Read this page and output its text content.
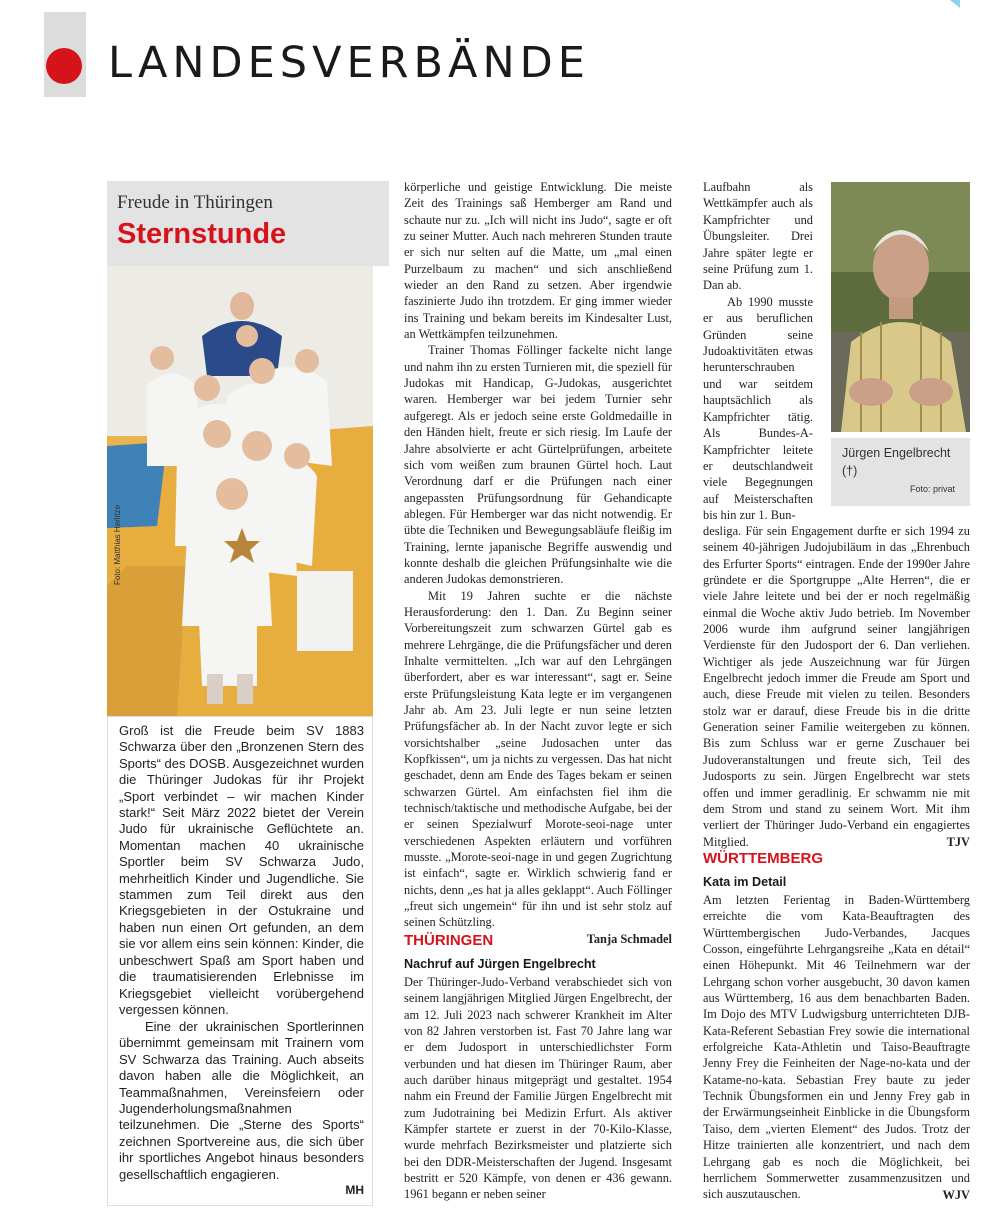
LANDESVERBÄNDE
Freude in Thüringen
Sternstunde
Foto: Matthias Herlitze

Groß ist die Freude beim SV 1883 Schwarza über den „Bronzenen Stern des Sports“ des DOSB. Ausgezeichnet wurden die Thüringer Judokas für ihr Projekt „Sport verbindet – wir machen Kinder stark!“ Seit März 2022 bietet der Verein Judo für ukrainische Geflüchtete an. Momentan machen 40 ukrainische Sportler beim SV Schwarza Judo, mehrheitlich Kinder und Jugendliche. Sie stammen zum Teil direkt aus den Kriegsgebieten in der Ostukraine und haben nun einen Ort gefunden, an dem sie vor allem eins sein können: Kinder, die unbeschwert Spaß am Sport haben und die traumatisierenden Erlebnisse im Kriegsgebiet vielleicht vorübergehend vergessen können.

Eine der ukrainischen Sportlerinnen übernimmt gemeinsam mit Trainern vom SV Schwarza das Training. Auch abseits davon haben alle die Möglichkeit, an Teammaßnahmen, Vereinsfeiern oder Jugenderholungsmaßnahmen teilzunehmen. Die „Sterne des Sports“ zeichnen Sportvereine aus, die sich über ihr sportliches Angebot hinaus besonders gesellschaftlich engagieren.

MH

körperliche und geistige Entwicklung. Die meiste Zeit des Trainings saß Hemberger am Rand und schaute nur zu. „Ich will nicht ins Judo“, sagte er oft zu seiner Mutter. Auch nach mehreren Stunden traute er sich nur selten auf die Matte, um „mal einen Purzelbaum zu machen“ und sich anschließend wieder an den Rand zu setzen. Aber irgendwie faszinierte Judo ihn trotzdem. Er ging immer wieder ins Training und bekam bereits im Kindesalter Lust, an Wettkämpfen teilzunehmen.

Trainer Thomas Föllinger fackelte nicht lange und nahm ihn zu ersten Turnieren mit, die speziell für Judokas mit Handicap, G-Judokas, ausgerichtet waren. Hemberger war bei jedem Turnier sehr aufgeregt. Als er jedoch seine erste Goldmedaille in den Händen hielt, freute er sich riesig. Im Laufe der Jahre absolvierte er acht Gürtelprüfungen, arbeitete sich vom weißen zum braunen Gürtel hoch. Laut Verordnung darf er die Prüfungen nach einer angepassten Prüfungsordnung für Gehandicapte ablegen. Für Hemberger war das nicht notwendig. Er übte die Techniken und Bewegungsabläufe fleißig im Training, lernte japanische Begriffe auswendig und konnte deshalb die gleichen Prüfungsinhalte wie die anderen Judokas demonstrieren.

Mit 19 Jahren suchte er die nächste Herausforderung: den 1. Dan. Zu Beginn seiner Vorbereitungszeit zum schwarzen Gürtel gab es mehrere Lehrgänge, die die Prüfungsfächer und deren Inhalte vermittelten. „Ich war auf den Lehrgängen überfordert, aber es war interessant“, sagt er. Seine erste Prüfungsleistung Kata legte er im vergangenen Jahr ab. Am 23. Juli legte er nun seine letzten Prüfungsfächer ab. In der Nacht zuvor legte er sich vorsichtshalber „seine Judosachen unter das Kopfkissen“, um ja nichts zu vergessen. Das hat nicht geschadet, denn am Ende des Tages bekam er seinen schwarzen Gürtel. Am einfachsten fiel ihm die technisch/taktische und methodische Aufgabe, bei der er seinen Spezialwurf Morote-seoi-nage unter verschiedenen Aspekten erläutern und vorführen musste. „Morote-seoi-nage in und gegen Zugrichtung ist einfach“, sagte er. Wirklich schwierig fand er nichts, denn „es hat ja alles geklappt“. Auch Föllinger „freut sich ungemein“ für ihn und ist sehr stolz auf seinen Schützling.

Tanja Schmadel
THÜRINGEN
Nachruf auf Jürgen Engelbrecht

Der Thüringer-Judo-Verband verabschiedet sich von seinem langjährigen Mitglied Jürgen Engelbrecht, der am 12. Juli 2023 nach schwerer Krankheit im Alter von 82 Jahren verstorben ist. Fast 70 Jahre lang war er dem Judosport in unterschiedlichster Form verbunden und hat diesen im Thüringer Raum, aber auch darüber hinaus mitgeprägt und gestaltet. 1954 nahm ein Freund der Familie Jürgen Engelbrecht mit zum Judotraining bei Medizin Erfurt. Als aktiver Kämpfer startete er zuerst in der 70-Kilo-Klasse, wurde mehrfach Bezirksmeister und platzierte sich bei den DDR-Meisterschaften der Jugend. Insgesamt bestritt er 520 Kämpfe, von denen er 436 gewann. 1961 begann er neben seiner

Laufbahn als Wettkämpfer auch als Kampfrichter und Übungsleiter. Drei Jahre später legte er seine Prüfung zum 1. Dan ab.

Ab 1990 musste er aus beruflichen Gründen seine Judoaktivitäten etwas herunterschrauben und war seitdem hauptsächlich als Kampfrichter tätig. Als Bundes-A-Kampfrichter leitete er deutschlandweit viele Begegnungen auf Meisterschaften bis hin zur 1. Bun-

Jürgen Engelbrecht (†)
Foto: privat

desliga. Für sein Engagement durfte er sich 1994 zu seinem 40-jährigen Judojubiläum in das „Ehrenbuch des Erfurter Sports“ eintragen. Ende der 1990er Jahre gründete er die Sportgruppe „Alte Herren“, die er viele Jahre leitete und bei der er noch regelmäßig einmal die Woche aktiv Judo betrieb. Im November 2006 wurde ihm aufgrund seiner langjährigen Verdienste für den Judosport der 6. Dan verliehen. Wichtiger als jede Auszeichnung war für Jürgen Engelbrecht jedoch immer die Freude am Sport und auch, diese Freude mit vielen zu teilen. Besonders stolz war er darauf, diese Freude bis in die dritte Generation seiner Familie weitergeben zu können. Bis zum Schluss war er gerne Zuschauer bei Judoveranstaltungen und freute sich, Teil des Judosports zu sein. Jürgen Engelbrecht war stets offen und immer geradlinig. Er schwamm nie mit dem Strom und stand zu seinem Wort. Mit ihm verliert der Thüringer Judo-Verband ein engagiertes Mitglied.	TJV
WÜRTTEMBERG
Kata im Detail

Am letzten Ferientag in Baden-Württemberg erreichte die vom Kata-Beauftragten des Württembergischen Judo-Verbandes, Jacques Cosson, eingeführte Lehrgangsreihe „Kata en détail“ einen Höhepunkt. Mit 46 Teilnehmern war der Lehrgang schon vorher ausgebucht, 30 davon kamen aus Württemberg, 16 aus dem benachbarten Baden. Im Dojo des MTV Ludwigsburg unterrichteten DJB-Kata-Referent Sebastian Frey sowie die international erfolgreiche Kata-Athletin und Taiso-Beauftragte Jenny Frey die Feinheiten der Nage-no-kata und der Katame-no-kata. Sebastian Frey baute zu jeder Technik Übungsformen ein und Jenny Frey gab in der Erwärmungseinheit Einblicke in die Übungsform Taiso, dem „vierten Element“ des Judos. Trotz der Hitze trainierten alle konzentriert, und nach dem Lehrgang gab es noch die Möglichkeit, bei herrlichem Sommerwetter zusammenzusitzen und sich auszutauschen.	WJV
